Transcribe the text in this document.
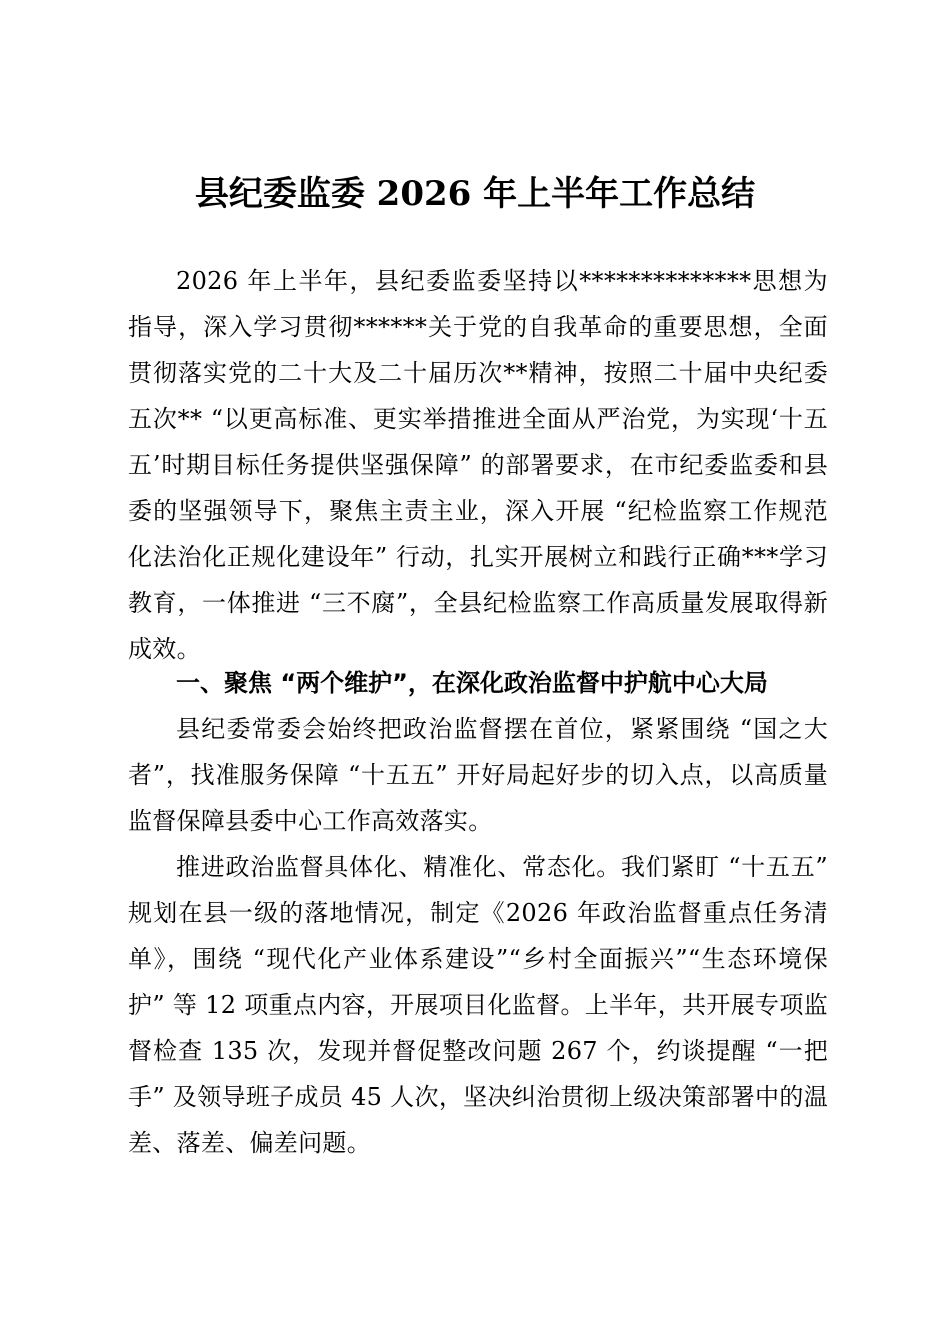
县纪委监委 2026 年上半年工作总结
2026 年上半年，县纪委监委坚持以**************思想为指导，深入学习贯彻******关于党的自我革命的重要思想，全面贯彻落实党的二十大及二十届历次**精神，按照二十届中央纪委五次** “以更高标准、更实举措推进全面从严治党，为实现‘十五五’时期目标任务提供坚强保障” 的部署要求，在市纪委监委和县委的坚强领导下，聚焦主责主业，深入开展 “纪检监察工作规范化法治化正规化建设年” 行动，扎实开展树立和践行正确***学习教育，一体推进 “三不腐”，全县纪检监察工作高质量发展取得新成效。
一、聚焦 “两个维护”，在深化政治监督中护航中心大局
县纪委常委会始终把政治监督摆在首位，紧紧围绕 “国之大者”，找准服务保障 “十五五” 开好局起好步的切入点，以高质量监督保障县委中心工作高效落实。
推进政治监督具体化、精准化、常态化。我们紧盯 “十五五” 规划在县一级的落地情况，制定《2026 年政治监督重点任务清单》，围绕 “现代化产业体系建设”“乡村全面振兴”“生态环境保护” 等 12 项重点内容，开展项目化监督。上半年，共开展专项监督检查 135 次，发现并督促整改问题 267 个，约谈提醒 “一把手” 及领导班子成员 45 人次，坚决纠治贯彻上级决策部署中的温差、落差、偏差问题。
